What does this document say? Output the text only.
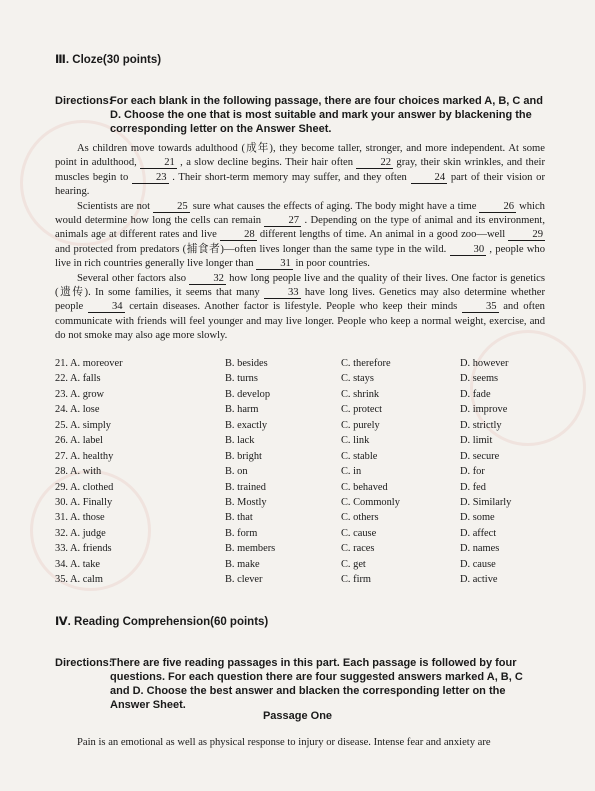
Ⅲ. Cloze(30 points)
Directions:
For each blank in the following passage, there are four choices marked A, B, C and D. Choose the one that is most suitable and mark your answer by blackening the corresponding letter on the Answer Sheet.

As children move towards adulthood (成年), they become taller, stronger, and more independent. At some point in adulthood,	21 , a slow decline begins. Their hair often	22 gray, their skin wrinkles, and their muscles begin to	23 . Their short-term memory may suffer, and they often	24 part of their vision or hearing.

Scientists are not	25 sure what causes the effects of aging. The body might have a time	26 which would determine how long the cells can remain	27 . Depending on the type of animal and its environment, animals age at different rates and live	28 different lengths of time. An animal in a good zoo—well	29 and protected from predators (捕食者)—often lives longer than the same type in the wild.	30 , people who live in rich countries generally live longer than	31 in poor countries.

Several other factors also	32 how long people live and the quality of their lives. One factor is genetics (遗传). In some families, it seems that many	33 have long lives. Genetics may also determine whether people	34 certain diseases. Another factor is lifestyle. People who keep their minds	35 and often communicate with friends will feel younger and may live longer. People who keep a normal weight, exercise, and do not smoke may also age more slowly.

21. A. moreover	B. besides	C. therefore	D. however
22. A. falls	B. turns	C. stays	D. seems
23. A. grow	B. develop	C. shrink	D. fade
24. A. lose	B. harm	C. protect	D. improve
25. A. simply	B. exactly	C. purely	D. strictly
26. A. label	B. lack	C. link	D. limit
27. A. healthy	B. bright	C. stable	D. secure
28. A. with	B. on	C. in	D. for
29. A. clothed	B. trained	C. behaved	D. fed
30. A. Finally	B. Mostly	C. Commonly	D. Similarly
31. A. those	B. that	C. others	D. some
32. A. judge	B. form	C. cause	D. affect
33. A. friends	B. members	C. races	D. names
34. A. take	B. make	C. get	D. cause
35. A. calm	B. clever	C. firm	D. active
Ⅳ. Reading Comprehension(60 points)
Directions:
There are five reading passages in this part. Each passage is followed by four questions. For each question there are four suggested answers marked A, B, C and D. Choose the best answer and blacken the corresponding letter on the Answer Sheet.
Passage One
Pain is an emotional as well as physical response to injury or disease. Intense fear and anxiety are
